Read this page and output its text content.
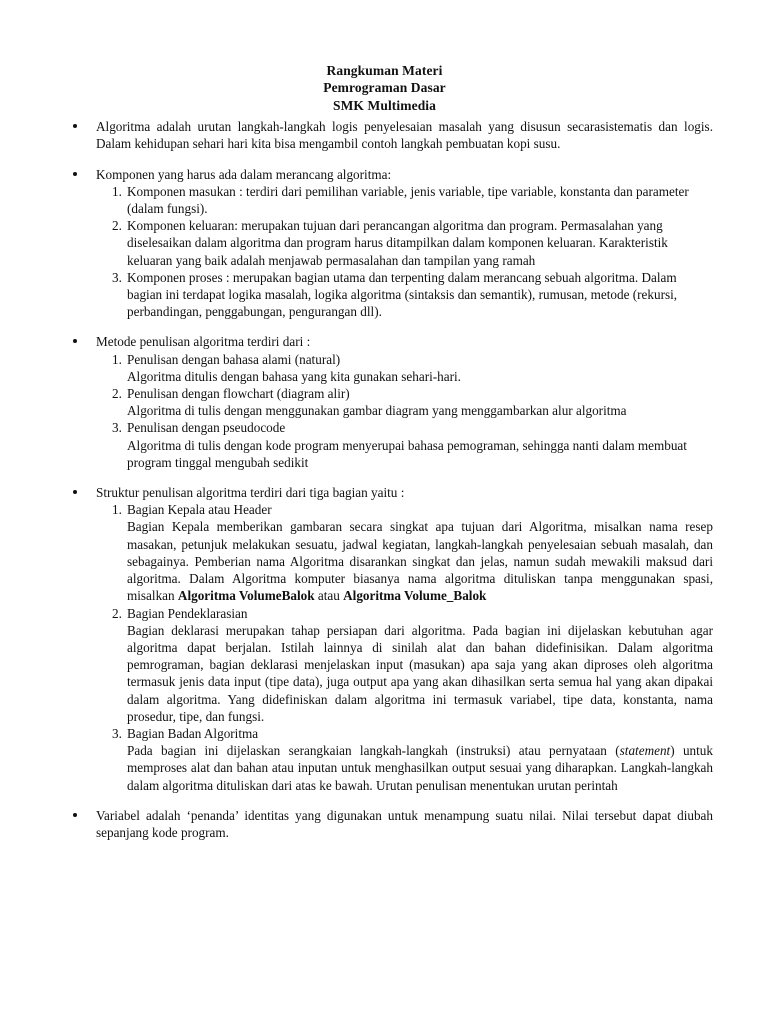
Rangkuman Materi
Pemrograman Dasar
SMK Multimedia

Algoritma adalah urutan langkah-langkah logis penyelesaian masalah yang disusun secarasistematis dan logis. Dalam kehidupan sehari hari kita bisa mengambil contoh langkah pembuatan kopi susu.

Komponen yang harus ada dalam merancang algoritma:

1. Komponen masukan : terdiri dari pemilihan variable, jenis variable, tipe variable, konstanta dan parameter (dalam fungsi).

2. Komponen keluaran: merupakan tujuan dari perancangan algoritma dan program. Permasalahan yang diselesaikan dalam algoritma dan program harus ditampilkan dalam komponen keluaran. Karakteristik keluaran yang baik adalah menjawab permasalahan dan tampilan yang ramah

3. Komponen proses : merupakan bagian utama dan terpenting dalam merancang sebuah algoritma. Dalam bagian ini terdapat logika masalah, logika algoritma (sintaksis dan semantik), rumusan, metode (rekursi, perbandingan, penggabungan, pengurangan dll).

Metode penulisan algoritma terdiri dari :

1. Penulisan dengan bahasa alami (natural)

Algoritma ditulis dengan bahasa yang kita gunakan sehari-hari.

2. Penulisan dengan flowchart (diagram alir)

Algoritma di tulis dengan menggunakan gambar diagram yang menggambarkan alur algoritma

3. Penulisan dengan pseudocode

Algoritma di tulis dengan kode program menyerupai bahasa pemograman, sehingga nanti dalam membuat program tinggal mengubah sedikit

Struktur penulisan algoritma terdiri dari tiga bagian yaitu :

1. Bagian Kepala atau Header

Bagian Kepala memberikan gambaran secara singkat apa tujuan dari Algoritma, misalkan nama resep masakan, petunjuk melakukan sesuatu, jadwal kegiatan, langkah-langkah penyelesaian sebuah masalah, dan sebagainya. Pemberian nama Algoritma disarankan singkat dan jelas, namun sudah mewakili maksud dari algoritma. Dalam Algoritma komputer biasanya nama algoritma dituliskan tanpa menggunakan spasi, misalkan Algoritma VolumeBalok atau Algoritma Volume_Balok

2. Bagian Pendeklarasian

Bagian deklarasi merupakan tahap persiapan dari algoritma. Pada bagian ini dijelaskan kebutuhan agar algoritma dapat berjalan. Istilah lainnya di sinilah alat dan bahan didefinisikan. Dalam algoritma pemrograman, bagian deklarasi menjelaskan input (masukan) apa saja yang akan diproses oleh algoritma termasuk jenis data input (tipe data), juga output apa yang akan dihasilkan serta semua hal yang akan dipakai dalam algoritma. Yang didefiniskan dalam algoritma ini termasuk variabel, tipe data, konstanta, nama prosedur, tipe, dan fungsi.

3. Bagian Badan Algoritma

Pada bagian ini dijelaskan serangkaian langkah-langkah (instruksi) atau pernyataan (statement) untuk memproses alat dan bahan atau inputan untuk menghasilkan output sesuai yang diharapkan. Langkah-langkah dalam algoritma dituliskan dari atas ke bawah. Urutan penulisan menentukan urutan perintah

Variabel adalah ‘penanda’ identitas yang digunakan untuk menampung suatu nilai. Nilai tersebut dapat diubah sepanjang kode program.
